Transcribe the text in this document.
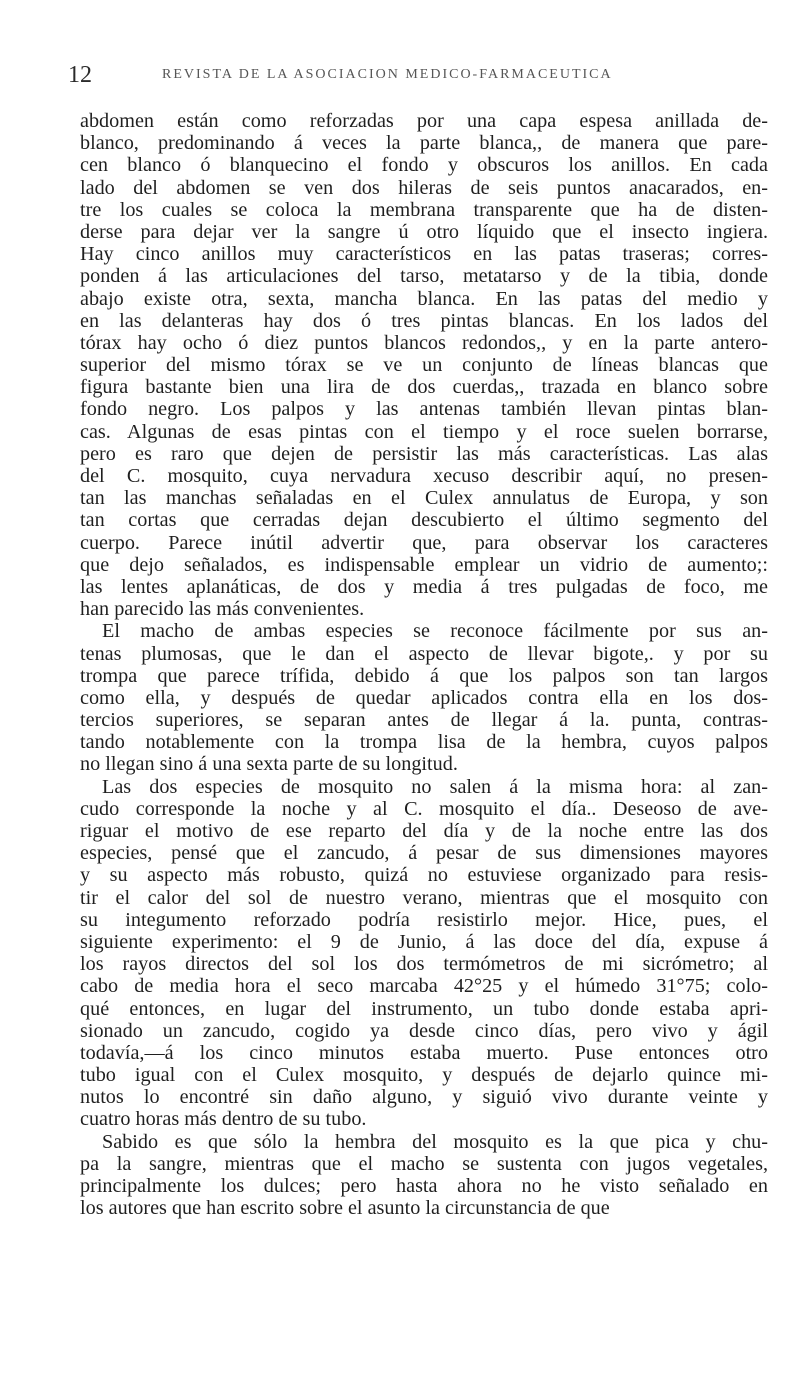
12	REVISTA DE LA ASOCIACION MEDICO-FARMACEUTICA
abdomen están como reforzadas por una capa espesa anillada de-
blanco, predominando á veces la parte blanca,, de manera que pare-
cen blanco ó blanquecino el fondo y obscuros los anillos. En cada
lado del abdomen se ven dos hileras de seis puntos anacarados, en-
tre los cuales se coloca la membrana transparente que ha de disten-
derse para dejar ver la sangre ú otro líquido que el insecto ingiera.
Hay cinco anillos muy característicos en las patas traseras; corres-
ponden á las articulaciones del tarso, metatarso y de la tibia, donde
abajo existe otra, sexta, mancha blanca. En las patas del medio y
en las delanteras hay dos ó tres pintas blancas. En los lados del
tórax hay ocho ó diez puntos blancos redondos,, y en la parte antero-
superior del mismo tórax se ve un conjunto de líneas blancas que
figura bastante bien una lira de dos cuerdas,, trazada en blanco sobre
fondo negro. Los palpos y las antenas también llevan pintas blan-
cas. Algunas de esas pintas con el tiempo y el roce suelen borrarse,
pero es raro que dejen de persistir las más características. Las alas
del C. mosquito, cuya nervadura xecuso describir aquí, no presen-
tan las manchas señaladas en el Culex annulatus de Europa, y son
tan cortas que cerradas dejan descubierto el último segmento del
cuerpo. Parece inútil advertir que, para observar los caracteres
que dejo señalados, es indispensable emplear un vidrio de aumento;:
las lentes aplanáticas, de dos y media á tres pulgadas de foco, me
han parecido las más convenientes.
El macho de ambas especies se reconoce fácilmente por sus an-
tenas plumosas, que le dan el aspecto de llevar bigote,. y por su
trompa que parece trífida, debido á que los palpos son tan largos
como ella, y después de quedar aplicados contra ella en los dos-
tercios superiores, se separan antes de llegar á la. punta, contras-
tando notablemente con la trompa lisa de la hembra, cuyos palpos
no llegan sino á una sexta parte de su longitud.
Las dos especies de mosquito no salen á la misma hora: al zan-
cudo corresponde la noche y al C. mosquito el día.. Deseoso de ave-
riguar el motivo de ese reparto del día y de la noche entre las dos
especies, pensé que el zancudo, á pesar de sus dimensiones mayores
y su aspecto más robusto, quizá no estuviese organizado para resis-
tir el calor del sol de nuestro verano, mientras que el mosquito con
su integumento reforzado podría resistirlo mejor. Hice, pues, el
siguiente experimento: el 9 de Junio, á las doce del día, expuse á
los rayos directos del sol los dos termómetros de mi sicrómetro; al
cabo de media hora el seco marcaba 42°25 y el húmedo 31°75; colo-
qué entonces, en lugar del instrumento, un tubo donde estaba apri-
sionado un zancudo, cogido ya desde cinco días, pero vivo y ágil
todavía,—á los cinco minutos estaba muerto. Puse entonces otro
tubo igual con el Culex mosquito, y después de dejarlo quince mi-
nutos lo encontré sin daño alguno, y siguió vivo durante veinte y
cuatro horas más dentro de su tubo.
Sabido es que sólo la hembra del mosquito es la que pica y chu-
pa la sangre, mientras que el macho se sustenta con jugos vegetales,
principalmente los dulces; pero hasta ahora no he visto señalado en
los autores que han escrito sobre el asunto la circunstancia de que
